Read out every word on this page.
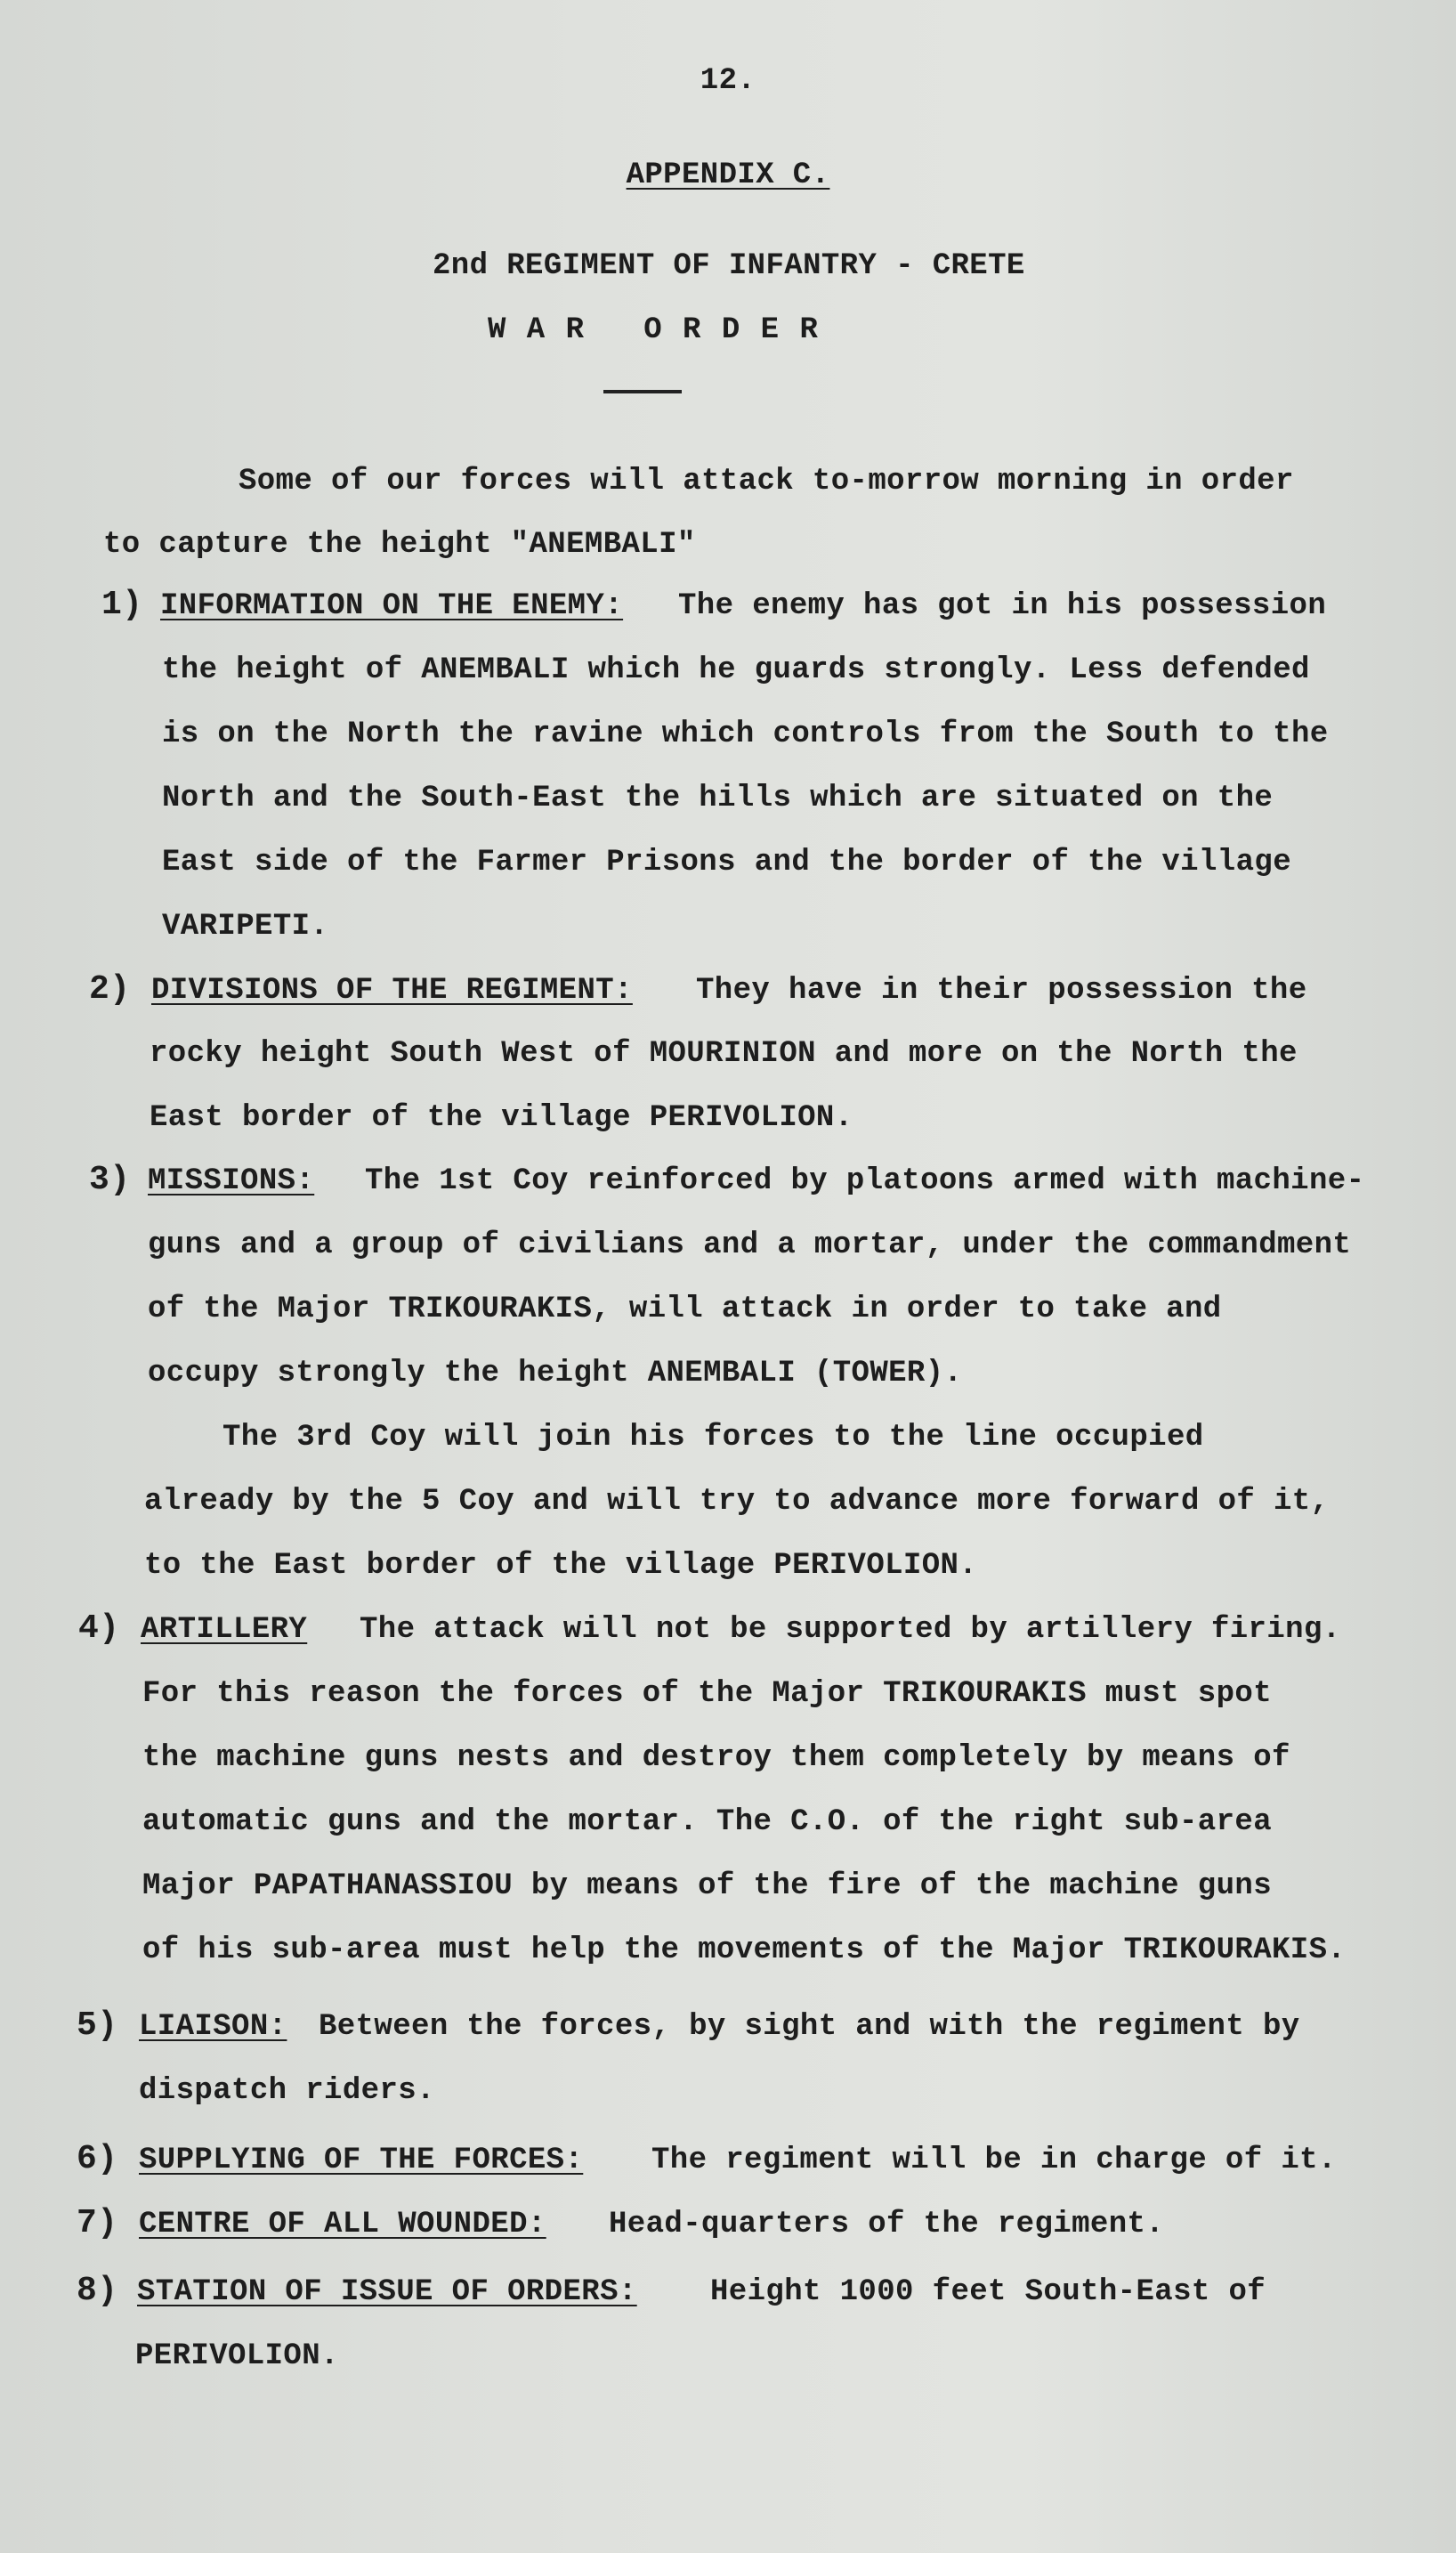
12.
APPENDIX C.
2nd REGIMENT OF INFANTRY - CRETE
W A R   O R D E R
Some of our forces will attack to-morrow morning in order
to capture the height "ANEMBALI"
1) INFORMATION ON THE ENEMY: The enemy has got in his possession
the height of ANEMBALI which he guards strongly. Less defended
is on the North the ravine which controls from the South to the
North and the South-East the hills which are situated on the
East side of the Farmer Prisons and the border of the village
VARIPETI.
2) DIVISIONS OF THE REGIMENT: They have in their possession the
rocky height South West of MOURINION and more on the North the
East border of the village PERIVOLION.
3) MISSIONS: The 1st Coy reinforced by platoons armed with machine-
guns and a group of civilians and a mortar, under the commandment
of the Major TRIKOURAKIS, will attack in order to take and
occupy strongly the height ANEMBALI (TOWER).
The 3rd Coy will join his forces to the line occupied
already by the 5 Coy and will try to advance more forward of it,
to the East border of the village PERIVOLION.
4) ARTILLERY The attack will not be supported by artillery firing.
For this reason the forces of the Major TRIKOURAKIS must spot
the machine guns nests and destroy them completely by means of
automatic guns and the mortar. The C.O. of the right sub-area
Major PAPATHANASSIOU by means of the fire of the machine guns
of his sub-area must help the movements of the Major TRIKOURAKIS.
5) LIAISON: Between the forces, by sight and with the regiment by
dispatch riders.
6) SUPPLYING OF THE FORCES: The regiment will be in charge of it.
7) CENTRE OF ALL WOUNDED: Head-quarters of the regiment.
8) STATION OF ISSUE OF ORDERS: Height 1000 feet South-East of
PERIVOLION.
